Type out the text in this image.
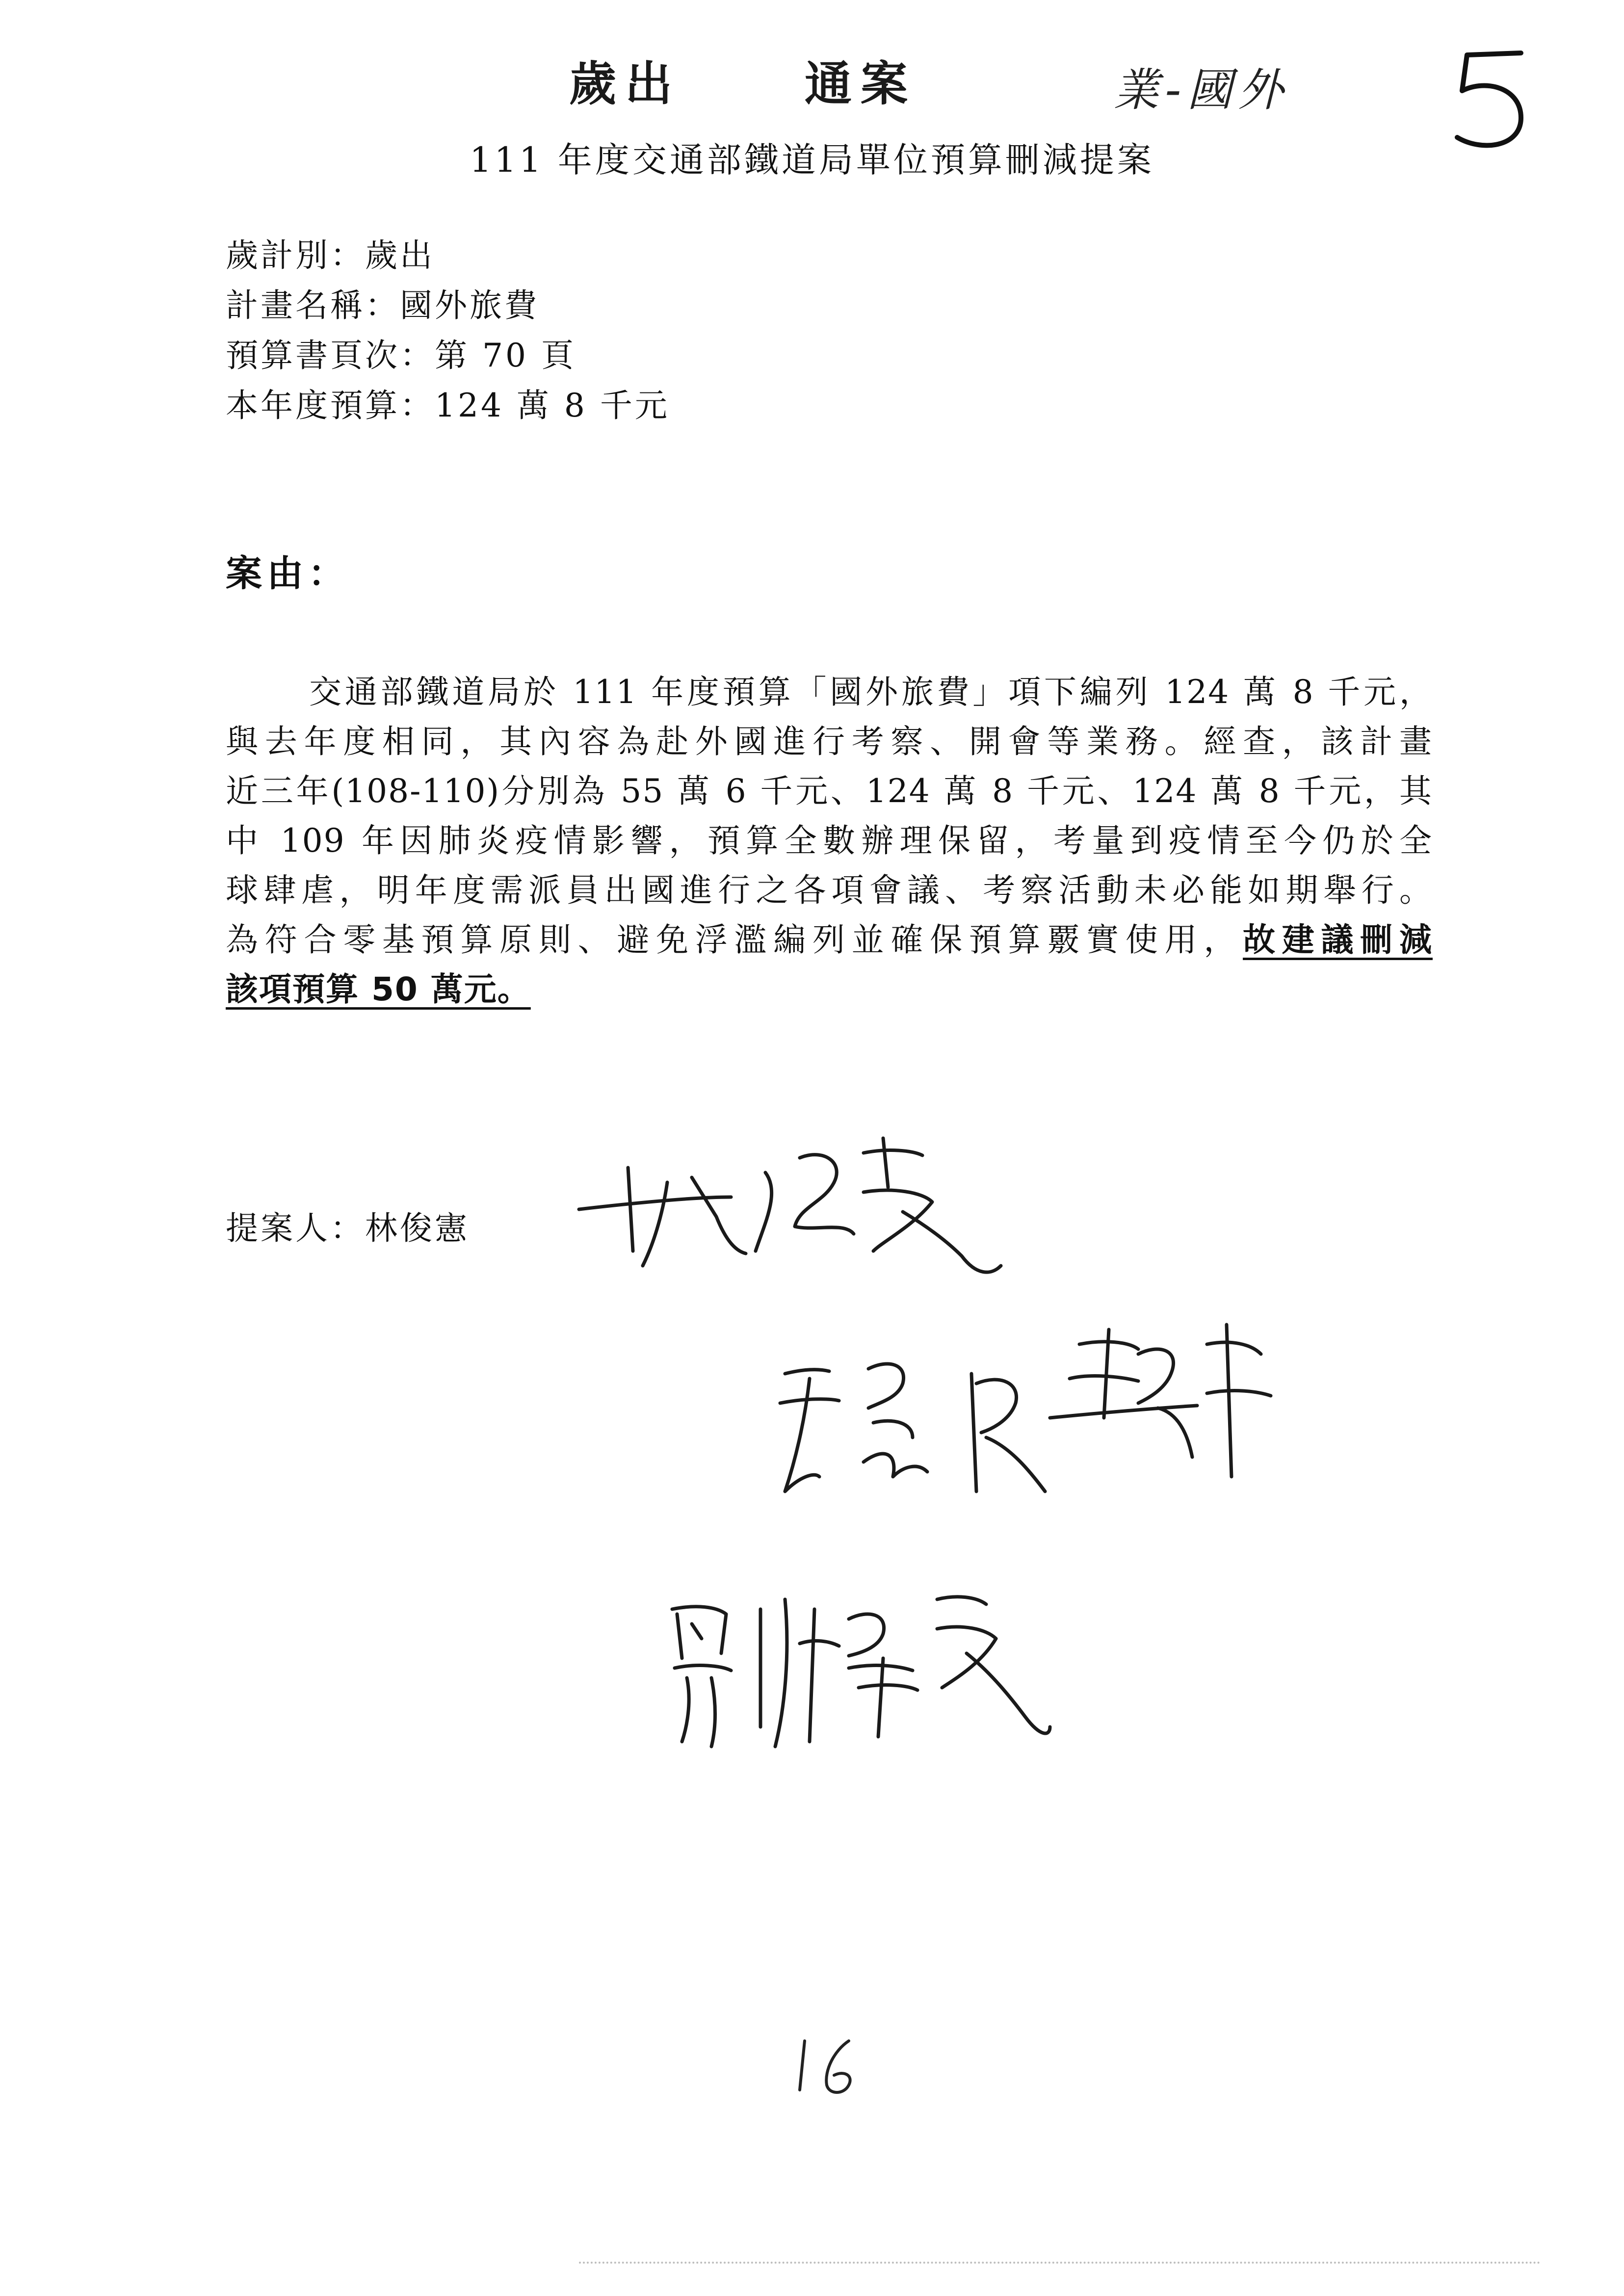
歲出	通案	業-國外
111 年度交通部鐵道局單位預算刪減提案
歲計別：歲出
計畫名稱：國外旅費
預算書頁次：第 70 頁
本年度預算：124 萬 8 千元
案由：
交通部鐵道局於 111 年度預算「國外旅費」項下編列 124 萬 8 千元，
與去年度相同，其內容為赴外國進行考察、開會等業務。經查，該計畫
近三年(108-110)分別為 55 萬 6 千元、124 萬 8 千元、124 萬 8 千元，其
中 109 年因肺炎疫情影響，預算全數辦理保留，考量到疫情至今仍於全
球肆虐，明年度需派員出國進行之各項會議、考察活動未必能如期舉行。
為符合零基預算原則、避免浮濫編列並確保預算覈實使用，故建議刪減
該項預算 50 萬元。
提案人：林俊憲
